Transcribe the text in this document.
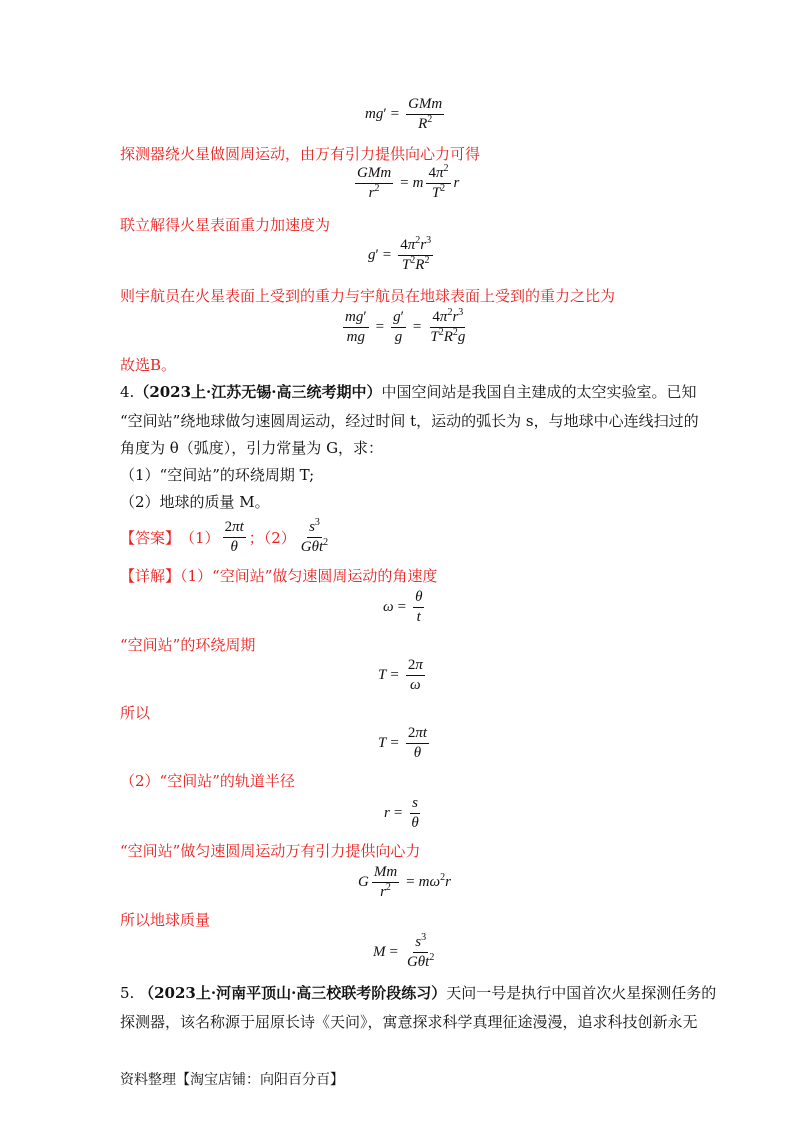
$mg' = \frac{\text{GMm}}{R^2}$
探测器绕火星做圆周运动，由万有引力提供向心力可得
$\frac{\text{GMm}}{r^2} = m \frac{4\pi^2}{T^2}$ r
联立解得火星表面重力加速度为
$g' = \frac{4\pi^2r^3}{T^2R^2}$
则宇航员在火星表面上受到的重力与宇航员在地球表面上受到的重力之比为
$\frac{mg'}{mg} = \frac{g'}{g} = \frac{4\pi^2r^3}{T^2R^2g}$
故选B。
4.（2023上·江苏无锡·高三统考期中）中国空间站是我国自主建成的太空实验室。已知
“空间站”绕地球做匀速圆周运动，经过时间 t，运动的弧长为 s，与地球中心连线扫过的
角度为 θ（弧度），引力常量为 G，求：
（1）“空间站”的环绕周期 T;
（2）地球的质量 M。
【答案】 $(1) \frac{2\pi t}{\theta}$ ；$(2) \frac{s^3}{G\theta t^2}$
【详解】（1）“空间站”做匀速圆周运动的角速度
$\omega = \frac{\theta}{t}$
“空间站”的环绕周期
$T = \frac{2\pi}{\omega}$
所以
$T = \frac{2\pi t}{\theta}$
（2）“空间站”的轨道半径
$r = \frac{s}{\theta}$
“空间站”做匀速圆周运动万有引力提供向心力
G $\frac{Mm}{r^2} = m\omega^2r$
所以地球质量
$M = \frac{s^3}{G\theta t^2}$
5. （2023上·河南平顶山·高三校联考阶段练习）天问一号是执行中国首次火星探测任务的
探测器，该名称源于屈原长诗《天问》，寓意探求科学真理征途漫漫，追求科技创新永无
资料整理【淘宝店铺：向阳百分百】
